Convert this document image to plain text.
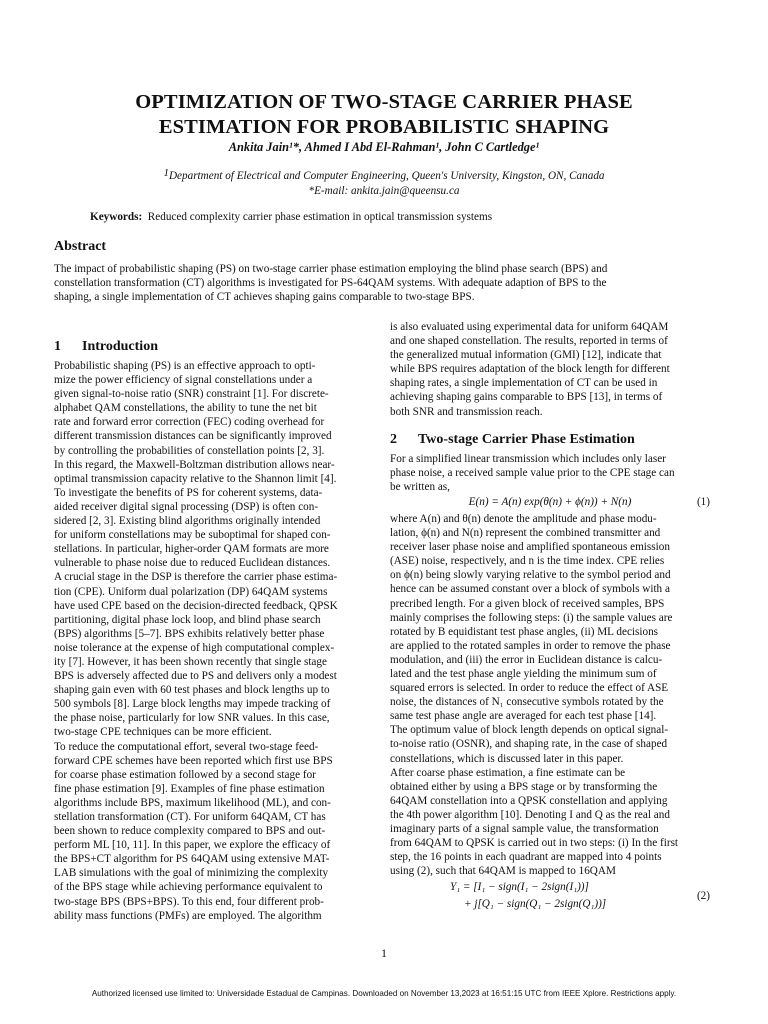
OPTIMIZATION OF TWO-STAGE CARRIER PHASE
ESTIMATION FOR PROBABILISTIC SHAPING
Ankita Jain¹*, Ahmed I Abd El-Rahman¹, John C Cartledge¹
$^1$Department of Electrical and Computer Engineering, Queen's University, Kingston, ON, Canada
*E-mail: ankita.jain@queensu.ca
Keywords: Reduced complexity carrier phase estimation in optical transmission systems
Abstract
The impact of probabilistic shaping (PS) on two-stage carrier phase estimation employing the blind phase search (BPS) and
constellation transformation (CT) algorithms is investigated for PS-64QAM systems. With adequate adaption of BPS to the
shaping, a single implementation of CT achieves shaping gains comparable to two-stage BPS.
1 Introduction
Probabilistic shaping (PS) is an effective approach to opti-
mize the power efficiency of signal constellations under a
given signal-to-noise ratio (SNR) constraint [1]. For discrete-
alphabet QAM constellations, the ability to tune the net bit
rate and forward error correction (FEC) coding overhead for
different transmission distances can be significantly improved
by controlling the probabilities of constellation points [2, 3].
In this regard, the Maxwell-Boltzman distribution allows near-
optimal transmission capacity relative to the Shannon limit [4].
To investigate the benefits of PS for coherent systems, data-
aided receiver digital signal processing (DSP) is often con-
sidered [2, 3]. Existing blind algorithms originally intended
for uniform constellations may be suboptimal for shaped con-
stellations. In particular, higher-order QAM formats are more
vulnerable to phase noise due to reduced Euclidean distances.
A crucial stage in the DSP is therefore the carrier phase estima-
tion (CPE). Uniform dual polarization (DP) 64QAM systems
have used CPE based on the decision-directed feedback, QPSK
partitioning, digital phase lock loop, and blind phase search
(BPS) algorithms [5–7]. BPS exhibits relatively better phase
noise tolerance at the expense of high computational complex-
ity [7]. However, it has been shown recently that single stage
BPS is adversely affected due to PS and delivers only a modest
shaping gain even with 60 test phases and block lengths up to
500 symbols [8]. Large block lengths may impede tracking of
the phase noise, particularly for low SNR values. In this case,
two-stage CPE techniques can be more efficient.
To reduce the computational effort, several two-stage feed-
forward CPE schemes have been reported which first use BPS
for coarse phase estimation followed by a second stage for
fine phase estimation [9]. Examples of fine phase estimation
algorithms include BPS, maximum likelihood (ML), and con-
stellation transformation (CT). For uniform 64QAM, CT has
been shown to reduce complexity compared to BPS and out-
perform ML [10, 11]. In this paper, we explore the efficacy of
the BPS+CT algorithm for PS 64QAM using extensive MAT-
LAB simulations with the goal of minimizing the complexity
of the BPS stage while achieving performance equivalent to
two-stage BPS (BPS+BPS). To this end, four different prob-
ability mass functions (PMFs) are employed. The algorithm
is also evaluated using experimental data for uniform 64QAM
and one shaped constellation. The results, reported in terms of
the generalized mutual information (GMI) [12], indicate that
while BPS requires adaptation of the block length for different
shaping rates, a single implementation of CT can be used in
achieving shaping gains comparable to BPS [13], in terms of
both SNR and transmission reach.
2 Two-stage Carrier Phase Estimation
For a simplified linear transmission which includes only laser
phase noise, a received sample value prior to the CPE stage can
be written as,
E(n) = A(n) exp(θ(n) + ϕ(n)) + N(n)	(1)
where A(n) and θ(n) denote the amplitude and phase modu-
lation, ϕ(n) and N(n) represent the combined transmitter and
receiver laser phase noise and amplified spontaneous emission
(ASE) noise, respectively, and n is the time index. CPE relies
on ϕ(n) being slowly varying relative to the symbol period and
hence can be assumed constant over a block of symbols with a
precribed length. For a given block of received samples, BPS
mainly comprises the following steps: (i) the sample values are
rotated by B equidistant test phase angles, (ii) ML decisions
are applied to the rotated samples in order to remove the phase
modulation, and (iii) the error in Euclidean distance is calcu-
lated and the test phase angle yielding the minimum sum of
squared errors is selected. In order to reduce the effect of ASE
noise, the distances of N₁ consecutive symbols rotated by the
same test phase angle are averaged for each test phase [14].
The optimum value of block length depends on optical signal-
to-noise ratio (OSNR), and shaping rate, in the case of shaped
constellations, which is discussed later in this paper.
After coarse phase estimation, a fine estimate can be
obtained either by using a BPS stage or by transforming the
64QAM constellation into a QPSK constellation and applying
the 4th power algorithm [10]. Denoting I and Q as the real and
imaginary parts of a signal sample value, the transformation
from 64QAM to QPSK is carried out in two steps: (i) In the first
step, the 16 points in each quadrant are mapped into 4 points
using (2), such that 64QAM is mapped to 16QAM
Y₁ = [I₁ − sign(I₁ − 2sign(I₁))]
+ j[Q₁ − sign(Q₁ − 2sign(Q₁))]
(2)
1
Authorized licensed use limited to: Universidade Estadual de Campinas. Downloaded on November 13,2023 at 16:51:15 UTC from IEEE Xplore. Restrictions apply.
